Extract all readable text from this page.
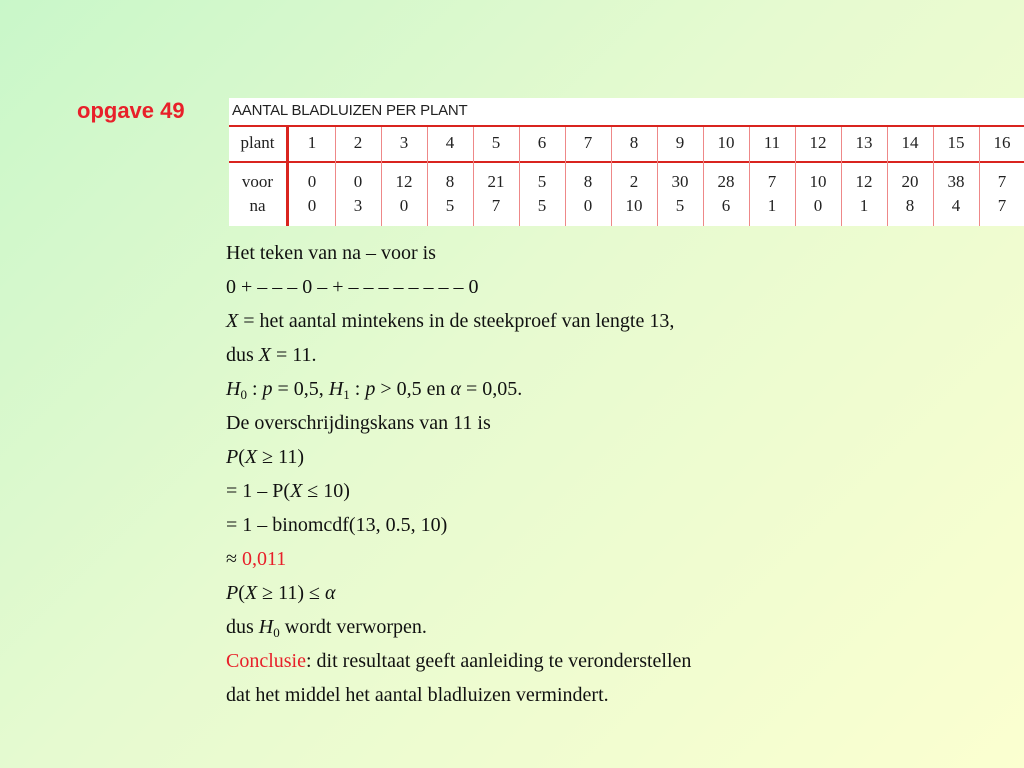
opgave 49	AANTAL BLADLUIZEN PER PLANT
plant
voor
na
1
0
0
2
0
3
3
12
0
4
8
5
5
21
7
6
5
5
7
8
0
8
2
10
9
30
5
10
28
6
11
7
1
12
10
0
13
12
1
14
20
8
15
38
4
16
7
7
Het teken van na – voor is
0 + – – – 0 – + – – – – – – – – 0
X = het aantal mintekens in de steekproef van lengte 13,
dus X = 11.
$H_0$ : p = 0,5, $H_1$ : p > 0,5 en α = 0,05.
De overschrijdingskans van 11 is
P(X ≥ 11)
= 1 – P(X ≤ 10)
= 1 – binomcdf(13, 0.5, 10)
≈ 0,011
P(X ≥ 11) ≤ α
dus $H_0$ wordt verworpen.
Conclusie: dit resultaat geeft aanleiding te veronderstellen
dat het middel het aantal bladluizen vermindert.
